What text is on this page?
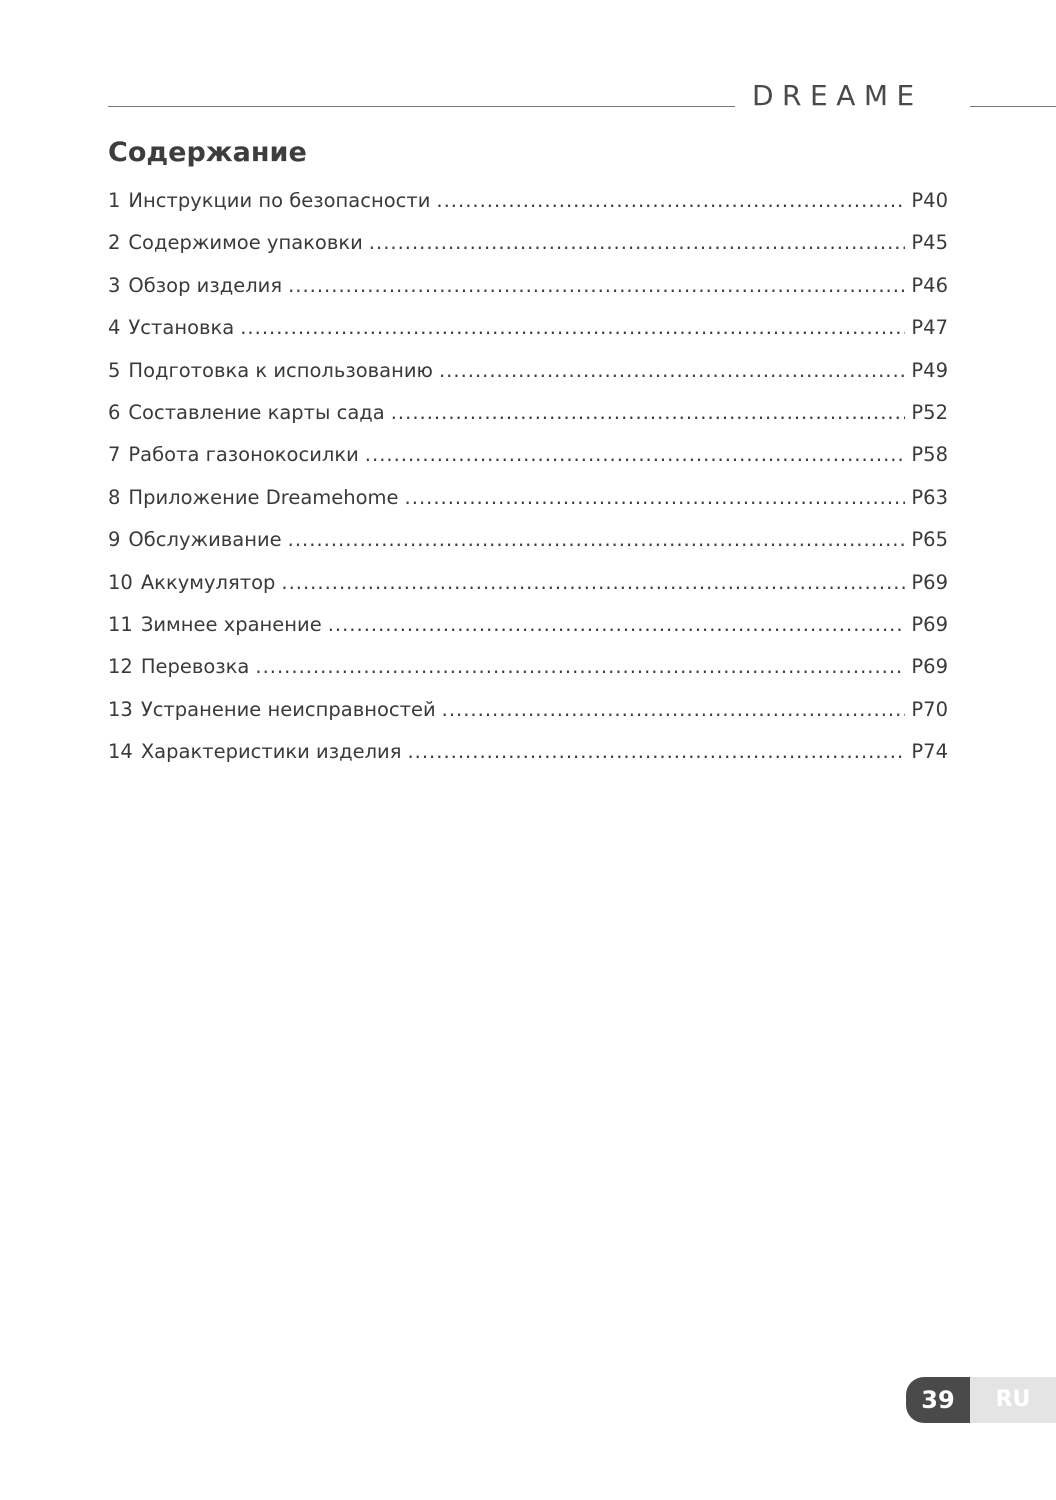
DREAME
Содержание
1 Инструкции по безопасности .....	P40
2 Содержимое упаковки .....	P45
3 Обзор изделия .....	P46
4 Установка .....	P47
5 Подготовка к использованию .....	P49
6 Составление карты сада .....	P52
7 Работа газонокосилки .....	P58
8 Приложение Dreamehome .....	P63
9 Обслуживание .....	P65
10 Аккумулятор .....	P69
11 Зимнее хранение .....	P69
12 Перевозка .....	P69
13 Устранение неисправностей .....	P70
14 Характеристики изделия .....	P74
39	RU
